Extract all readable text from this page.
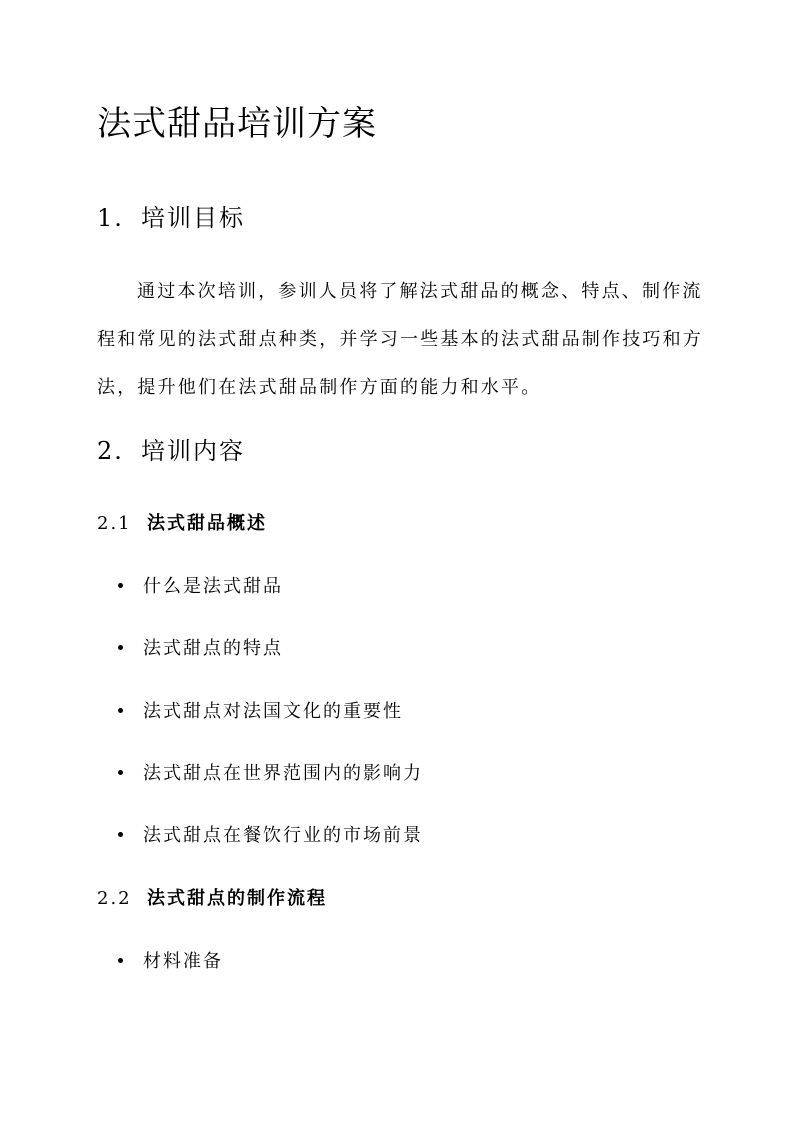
法式甜品培训方案
1. 培训目标

通过本次培训，参训人员将了解法式甜品的概念、特点、制作流程和常见的法式甜点种类，并学习一些基本的法式甜品制作技巧和方法，提升他们在法式甜品制作方面的能力和水平。

2. 培训内容
2.1 法式甜品概述

什么是法式甜品

法式甜点的特点

法式甜点对法国文化的重要性

法式甜点在世界范围内的影响力

法式甜点在餐饮行业的市场前景

2.2 法式甜点的制作流程

材料准备
